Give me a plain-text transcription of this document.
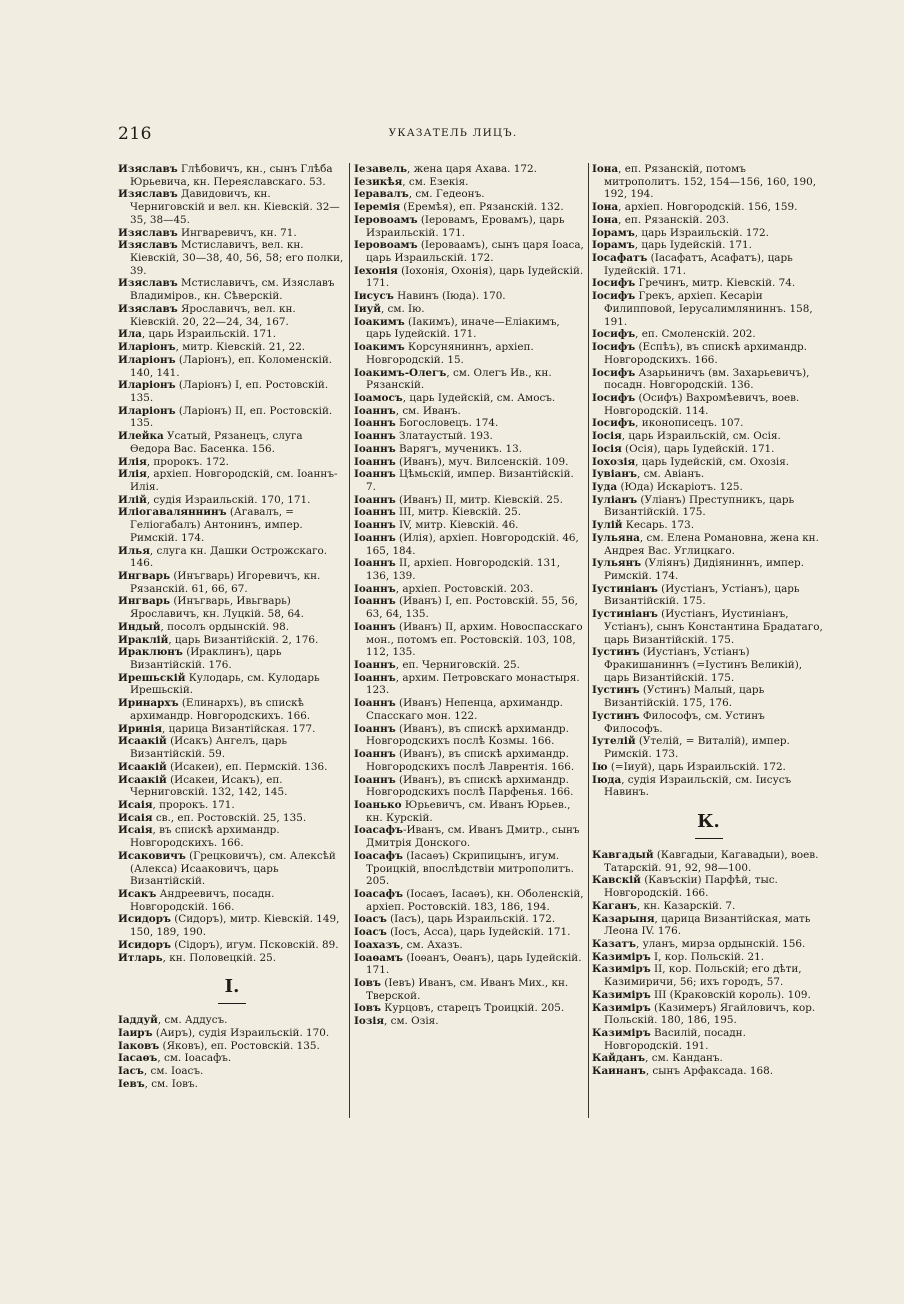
216	УКАЗАТЕЛЬ ЛИЦЪ.
Изяславъ Глѣбовичъ, кн., сынъ Глѣба Юрьевича, кн. Переяславскаго. 53.
Изяславъ Давидовичъ, кн. Черниговскій и вел. кн. Кіевскій. 32—35, 38—45.
Изяславъ Ингваревичъ, кн. 71.
Изяславъ Мстиславичъ, вел. кн. Кіевскій, 30—38, 40, 56, 58; его полки, 39.
Изяславъ Мстиславичъ, см. Изяславъ Владиміров., кн. Сѣверскій.
Изяславъ Ярославичъ, вел. кн. Кіевскій. 20, 22—24, 34, 167.
Ила, царь Израильскій. 171.
Иларіонъ, митр. Кіевскій. 21, 22.
Иларіонъ (Ларіонъ), еп. Коломенскій. 140, 141.
Иларіонъ (Ларіонъ) I, еп. Ростовскій. 135.
Иларіонъ (Ларіонъ) II, еп. Ростовскій. 135.
Илейка Усатый, Рязанецъ, слуга Ѳедора Вас. Басенка. 156.
Илія, пророкъ. 172.
Илія, архіеп. Новгородскій, см. Іоаннъ-Илія.
Илій, судія Израильскій. 170, 171.
Иліогаваляннинъ (Агавалъ, = Геліогабалъ) Антонинъ, импер. Римскій. 174.
Илья, слуга кн. Дашки Острожскаго. 146.
Ингварь (Инъгварь) Игоревичъ, кн. Рязанскій. 61, 66, 67.
Ингварь (Инъгварь, Ивьгварь) Ярославичъ, кн. Луцкій. 58, 64.
Индый, посолъ ордынскій. 98.
Ираклій, царь Византійскій. 2, 176.
Ираклюнъ (Ираклинъ), царь Византійскій. 176.
Ирешьскій Кулодарь, см. Кулодарь Ирешьскій.
Иринархъ (Елинархъ), въ спискѣ архимандр. Новгородскихъ. 166.
Иринія, царица Византійская. 177.
Исаакій (Исакъ) Ангелъ, царь Византійскій. 59.
Исаакій (Исакеи), еп. Пермскій. 136.
Исаакій (Исакеи, Исакъ), еп. Черниговскій. 132, 142, 145.
Исаія, пророкъ. 171.
Исаія св., еп. Ростовскій. 25, 135.
Исаія, въ спискѣ архимандр. Новгородскихъ. 166.
Исаковичъ (Грецковичъ), см. Алексѣй (Алекса) Исааковичъ, царь Византійскій.
Исакъ Андреевичъ, посадн. Новгородскій. 166.
Исидоръ (Сидоръ), митр. Кіевскій. 149, 150, 189, 190.
Исидоръ (Сідоръ), игум. Псковскій. 89.
Итларь, кн. Половецкій. 25.
І.
Іаддуй, см. Аддусъ.
Іаиръ (Аиръ), судія Израильскій. 170.
Іаковъ (Яковъ), еп. Ростовскій. 135.
Іасаѳъ, см. Іоасафъ.
Іасъ, см. Іоасъ.
Іевъ, см. Іовъ.
Іезавель, жена царя Ахава. 172.
Іезикѣя, см. Езекія.
Іеравалъ, см. Гедеонъ.
Іеремія (Еремѣя), еп. Рязанскій. 132.
Іеровоамъ (Іеровамъ, Еровамъ), царь Израильскій. 171.
Іеровоамъ (Іероваамъ), сынъ царя Іоаса, царь Израильскій. 172.
Іехонія (Іохонія, Охонія), царь Іудейскій. 171.
Іисусъ Навинъ (Іюда). 170.
Іиуй, см. Ію.
Іоакимъ (Іакимъ), иначе—Еліакимъ, царь Іудейскій. 171.
Іоакимъ Корсуняниннъ, архіеп. Новгородскій. 15.
Іоакимъ-Олегъ, см. Олегъ Ив., кн. Рязанскій.
Іоамосъ, царь Іудейскій, см. Амосъ.
Іоаннъ, см. Иванъ.
Іоаннъ Богословецъ. 174.
Іоаннъ Златаустый. 193.
Іоаннъ Варягъ, мученикъ. 13.
Іоаннъ (Иванъ), муч. Вилсенскій. 109.
Іоаннъ Цѣмьскій, импер. Византійскій. 7.
Іоаннъ (Иванъ) II, митр. Кіевскій. 25.
Іоаннъ III, митр. Кіевскій. 25.
Іоаннъ IV, митр. Кіевскій. 46.
Іоаннъ (Илія), архіеп. Новгородскій. 46, 165, 184.
Іоаннъ II, архіеп. Новгородскій. 131, 136, 139.
Іоаннъ, архіеп. Ростовскій. 203.
Іоаннъ (Иванъ) I, еп. Ростовскій. 55, 56, 63, 64, 135.
Іоаннъ (Иванъ) II, архим. Новоспасскаго мон., потомъ еп. Ростовскій. 103, 108, 112, 135.
Іоаннъ, еп. Черниговскій. 25.
Іоаннъ, архим. Петровскаго монастыря. 123.
Іоаннъ (Иванъ) Непенца, архимандр. Спасскаго мон. 122.
Іоаннъ (Иванъ), въ спискѣ архимандр. Новгородскихъ послѣ Козмы. 166.
Іоаннъ (Иванъ), въ спискѣ архимандр. Новгородскихъ послѣ Лаврентія. 166.
Іоаннъ (Иванъ), въ спискѣ архимандр. Новгородскихъ послѣ Парфенья. 166.
Іоанько Юрьевичъ, см. Иванъ Юрьев., кн. Курскій.
Іоасафъ-Иванъ, см. Иванъ Дмитр., сынъ Дмитрія Донского.
Іоасафъ (Іасаѳъ) Скрипицынъ, игум. Троицкій, впослѣдствіи митрополитъ. 205.
Іоасафъ (Іосаѳъ, Іасаѳъ), кн. Оболенскій, архіеп. Ростовскій. 183, 186, 194.
Іоасъ (Іасъ), царь Израильскій. 172.
Іоасъ (Іосъ, Асса), царь Іудейскій. 171.
Іоахазъ, см. Ахазъ.
Іоаѳамъ (Іоѳанъ, Оѳанъ), царь Іудейскій. 171.
Іовъ (Іевъ) Иванъ, см. Иванъ Мих., кн. Тверской.
Іовъ Курцовъ, старецъ Троицкій. 205.
Іозія, см. Озія.
Іона, еп. Рязанскій, потомъ митрополитъ. 152, 154—156, 160, 190, 192, 194.
Іона, архіеп. Новгородскій. 156, 159.
Іона, еп. Рязанскій. 203.
Іорамъ, царь Израильскій. 172.
Іорамъ, царь Іудейскій. 171.
Іосафатъ (Іасафатъ, Асафатъ), царь Іудейскій. 171.
Іосифъ Гречинъ, митр. Кіевскій. 74.
Іосифъ Грекъ, архіеп. Кесаріи Филипповой, Іерусалимляниннъ. 158, 191.
Іосифъ, еп. Смоленскій. 202.
Іосифъ (Еспѣъ), въ спискѣ архимандр. Новгородскихъ. 166.
Іосифъ Азарьиничъ (вм. Захарьевичъ), посадн. Новгородскій. 136.
Іосифъ (Осифъ) Вахромѣевичъ, воев. Новгородскій. 114.
Іосифъ, иконописецъ. 107.
Іосія, царь Израильскій, см. Осія.
Іосія (Осія), царь Іудейскій. 171.
Іохозія, царь Іудейскій, см. Охозія.
Іувіанъ, см. Авіанъ.
Іуда (Юда) Искаріотъ. 125.
Іуліанъ (Уліанъ) Преступникъ, царь Византійскій. 175.
Іулій Кесарь. 173.
Іульяна, см. Елена Романовна, жена кн. Андрея Вас. Углицкаго.
Іульянъ (Уліянъ) Дидіяниннъ, импер. Римскій. 174.
Іустиніанъ (Иустіанъ, Устіанъ), царь Византійскій. 175.
Іустиніанъ (Иустіанъ, Иустиніанъ, Устіанъ), сынъ Константина Брадатаго, царь Византійскій. 175.
Іустинъ (Иустіанъ, Устіанъ) Фракишаниннъ (=Іустинъ Великій), царь Византійскій. 175.
Іустинъ (Устинъ) Малый, царь Византійскій. 175, 176.
Іустинъ Философъ, см. Устинъ Философъ.
Іутелій (Утелій, = Виталій), импер. Римскій. 173.
Ію (=Іиуй), царь Израильскій. 172.
Іюда, судія Израильскій, см. Іисусъ Навинъ.
К.
Кавгадый (Кавгадыи, Кагавадыи), воев. Татарскій. 91, 92, 98—100.
Кавскій (Кавъскіи) Парфѣй, тыс. Новгородскій. 166.
Каганъ, кн. Казарскій. 7.
Казарыня, царица Византійская, мать Леона IV. 176.
Казатъ, уланъ, мирза ордынскій. 156.
Казиміръ I, кор. Польскій. 21.
Казиміръ II, кор. Польскій; его дѣти, Казимиричи, 56; ихъ городъ, 57.
Казиміръ III (Краковскій король). 109.
Казиміръ (Казимеръ) Ягайловичъ, кор. Польскій. 180, 186, 195.
Казиміръ Василій, посадн. Новгородскій. 191.
Кайданъ, см. Канданъ.
Каинанъ, сынъ Арфаксада. 168.
